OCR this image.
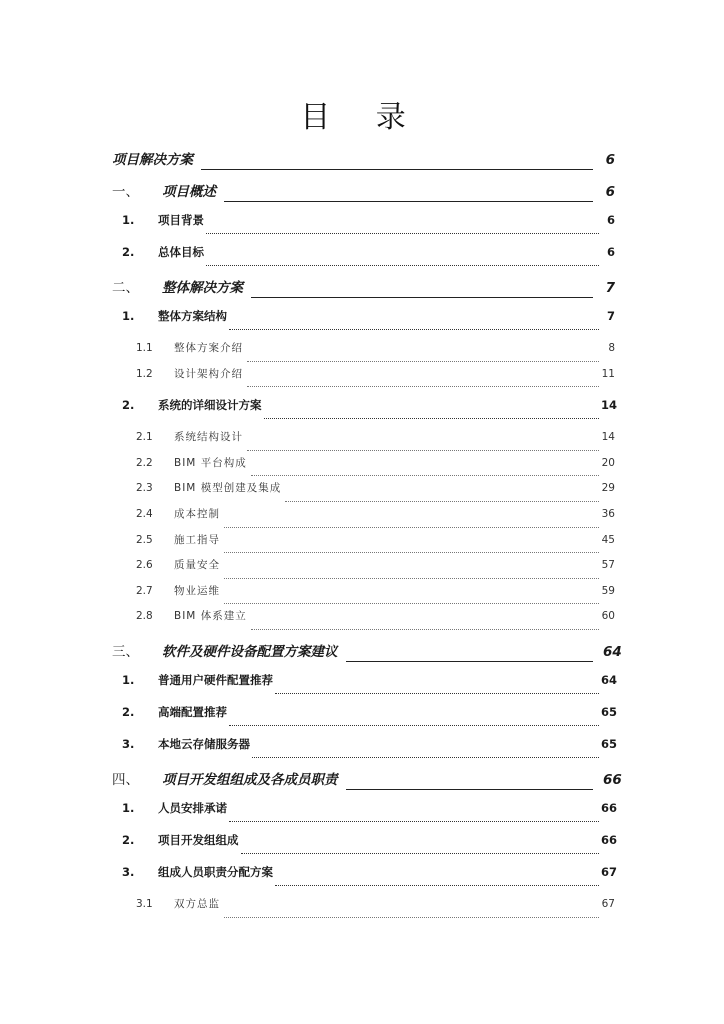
目 录
项目解决方案	6
一、	项目概述	6
1.	项目背景	6
2.	总体目标	6
二、	整体解决方案	7
1.	整体方案结构	7
1.1	整体方案介绍	8
1.2	设计架构介绍	11
2.	系统的详细设计方案	14
2.1	系统结构设计	14
2.2	BIM 平台构成	20
2.3	BIM 模型创建及集成	29
2.4	成本控制	36
2.5	施工指导	45
2.6	质量安全	57
2.7	物业运维	59
2.8	BIM 体系建立	60
三、	软件及硬件设备配置方案建议	64
1.	普通用户硬件配置推荐	64
2.	高端配置推荐	65
3.	本地云存储服务器	65
四、	项目开发组组成及各成员职责	66
1.	人员安排承诺	66
2.	项目开发组组成	66
3.	组成人员职责分配方案	67
3.1	双方总监	67
